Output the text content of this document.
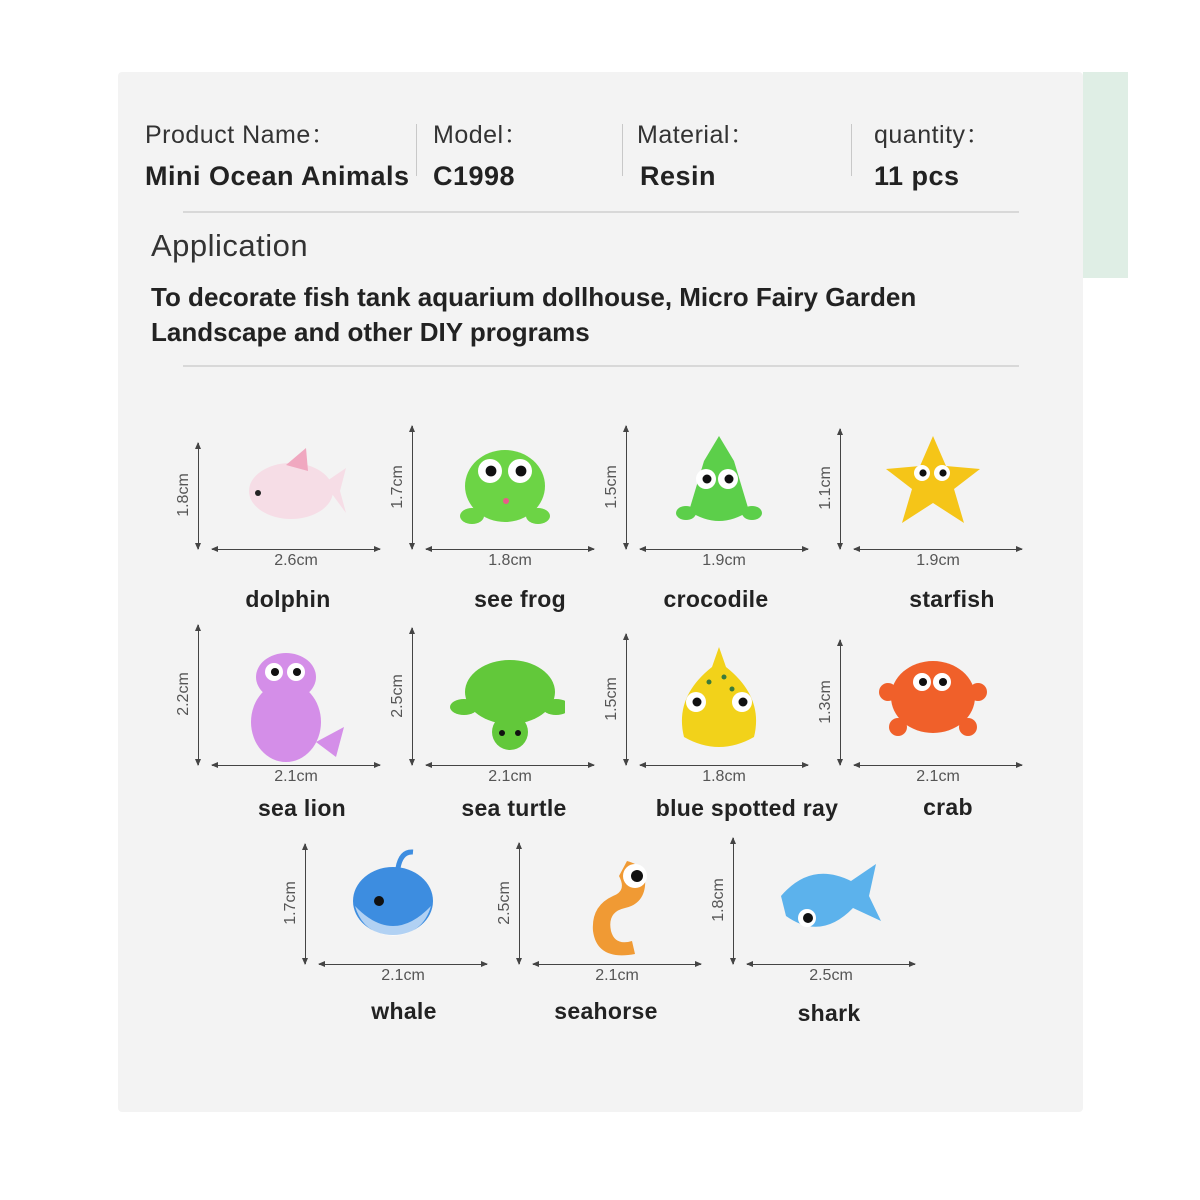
Product Name：
Mini Ocean Animals
Model：
C1998
Material：
Resin
quantity：
11 pcs
Application
To decorate fish tank aquarium dollhouse, Micro Fairy Garden Landscape and other DIY programs
1.8cm
2.6cm
dolphin
1.7cm
1.8cm
see frog
1.5cm
1.9cm
crocodile
1.1cm
1.9cm
starfish
2.2cm
2.1cm
sea lion
2.5cm
2.1cm
sea turtle
1.5cm
1.8cm
blue spotted ray
1.3cm
2.1cm
crab
1.7cm
2.1cm
whale
2.5cm
2.1cm
seahorse
1.8cm
2.5cm
shark
